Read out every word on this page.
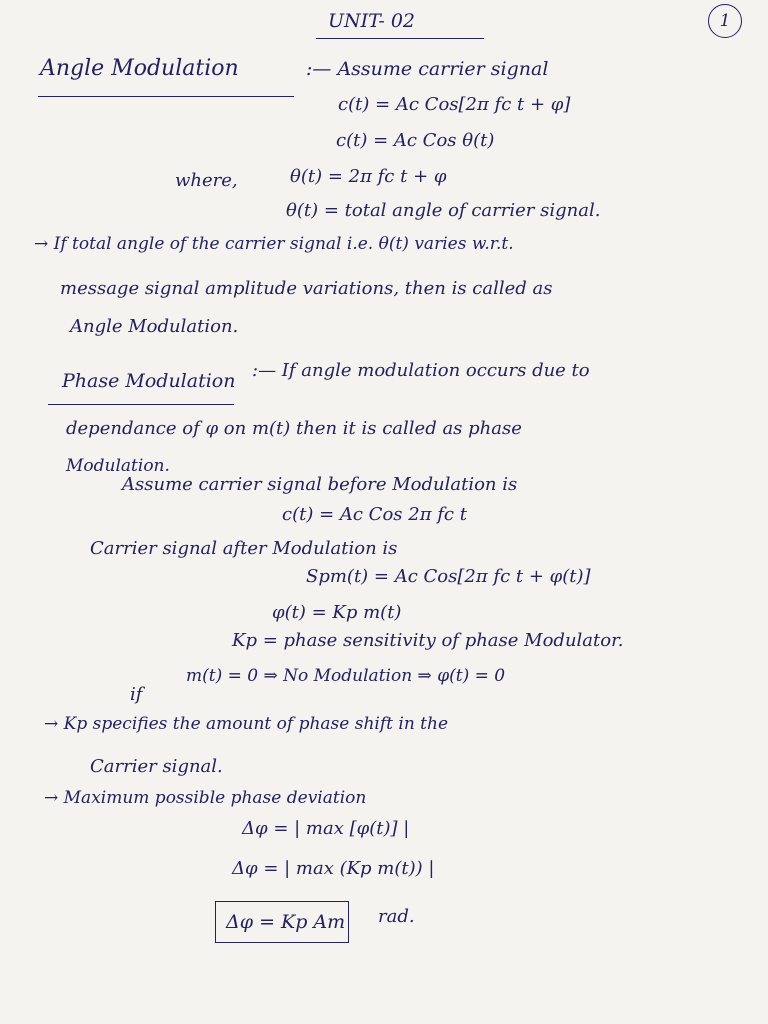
UNIT- 02	1
Angle Modulation	:— Assume carrier signal
c(t) = Ac Cos[2π fc t + φ]
c(t) = Ac Cos θ(t)
where,	θ(t) = 2π fc t + φ
θ(t) = total angle of carrier signal.
→ If total angle of the carrier signal i.e. θ(t) varies w.r.t.
message signal amplitude variations, then is called as
Angle Modulation.
Phase Modulation :— If angle modulation occurs due to
dependance of φ on m(t) then it is called as phase
Modulation.
Assume carrier signal before Modulation is
c(t) = Ac Cos 2π fc t
Carrier signal after Modulation is
Spm(t) = Ac Cos[2π fc t + φ(t)]
φ(t) = Kp m(t)
Kp = phase sensitivity of phase Modulator.
if
m(t) = 0 ⇒ No Modulation ⇒ φ(t) = 0
→ Kp specifies the amount of phase shift in the
Carrier signal.
→ Maximum possible phase deviation
Δφ = | max [φ(t)] |
Δφ = | max (Kp m(t)) |
Δφ = Kp Am rad.
